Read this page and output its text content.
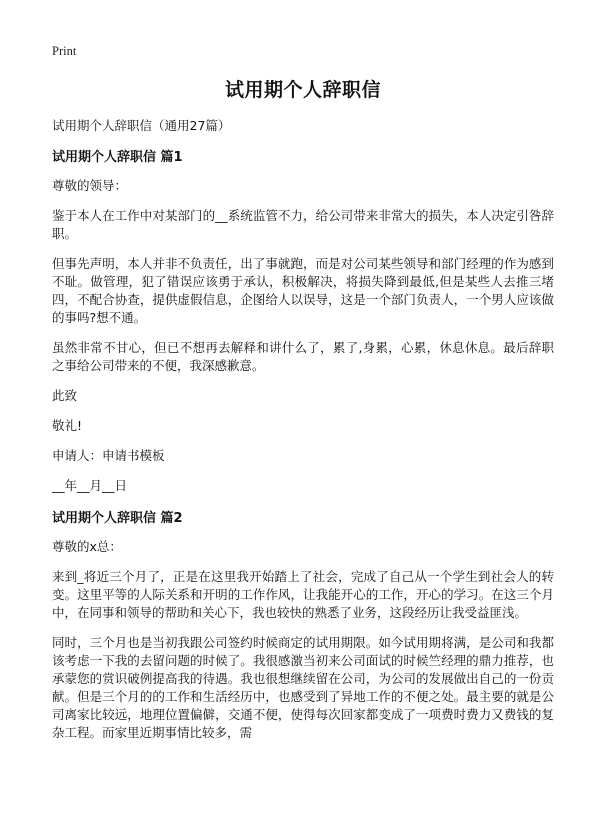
Print
试用期个人辞职信

试用期个人辞职信（通用27篇）

试用期个人辞职信 篇1

尊敬的领导：

鉴于本人在工作中对某部门的__系统监管不力，给公司带来非常大的损失，本人决定引咎辞职。

但事先声明，本人并非不负责任，出了事就跑，而是对公司某些领导和部门经理的作为感到不耻。做管理，犯了错误应该勇于承认，积极解决，将损失降到最低,但是某些人去推三堵四，不配合协查，提供虚假信息，企图给人以误导，这是一个部门负责人，一个男人应该做的事吗?想不通。

虽然非常不甘心，但已不想再去解释和讲什么了，累了,身累，心累，休息休息。最后辞职之事给公司带来的不便，我深感歉意。

此致

敬礼!

申请人：申请书模板

__年__月__日

试用期个人辞职信 篇2

尊敬的x总：

来到_将近三个月了，正是在这里我开始踏上了社会，完成了自己从一个学生到社会人的转变。这里平等的人际关系和开明的工作作风，让我能开心的工作，开心的学习。在这三个月中，在同事和领导的帮助和关心下，我也较快的熟悉了业务，这段经历让我受益匪浅。

同时，三个月也是当初我跟公司签约时候商定的试用期限。如今试用期将满，是公司和我都该考虑一下我的去留问题的时候了。我很感激当初来公司面试的时候竺经理的鼎力推荐，也承蒙您的赏识破例提高我的待遇。我也很想继续留在公司，为公司的发展做出自己的一份贡献。但是三个月的的工作和生活经历中，也感受到了异地工作的不便之处。最主要的就是公司离家比较远，地理位置偏僻，交通不便，使得每次回家都变成了一项费时费力又费钱的复杂工程。而家里近期事情比较多，需
